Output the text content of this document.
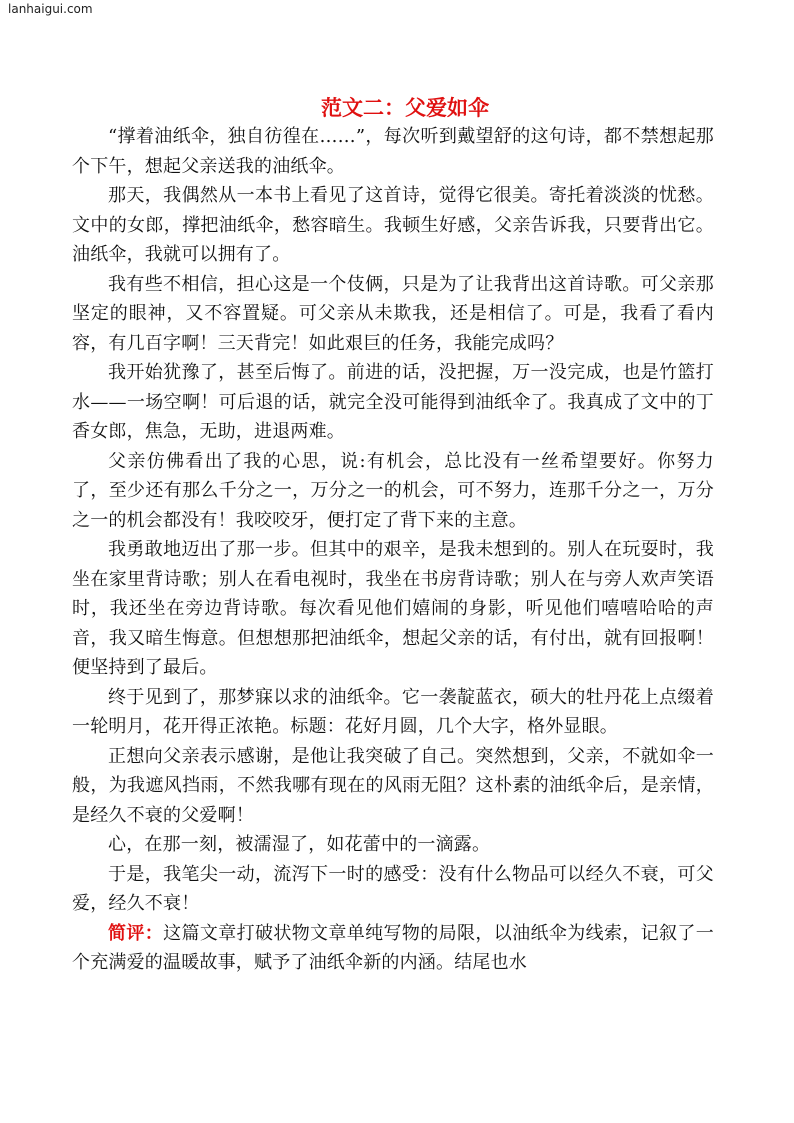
lanhaigui.com
范文二：父爱如伞

“撑着油纸伞，独自彷徨在……”，每次听到戴望舒的这句诗，都不禁想起那个下午，想起父亲送我的油纸伞。

那天，我偶然从一本书上看见了这首诗，觉得它很美。寄托着淡淡的忧愁。文中的女郎，撑把油纸伞，愁容暗生。我顿生好感，父亲告诉我，只要背出它。油纸伞，我就可以拥有了。

我有些不相信，担心这是一个伎俩，只是为了让我背出这首诗歌。可父亲那坚定的眼神，又不容置疑。可父亲从未欺我，还是相信了。可是，我看了看内容，有几百字啊！三天背完！如此艰巨的任务，我能完成吗？

我开始犹豫了，甚至后悔了。前进的话，没把握，万一没完成，也是竹篮打水——一场空啊！可后退的话，就完全没可能得到油纸伞了。我真成了文中的丁香女郎，焦急，无助，进退两难。

父亲仿佛看出了我的心思，说:有机会，总比没有一丝希望要好。你努力了，至少还有那么千分之一，万分之一的机会，可不努力，连那千分之一，万分之一的机会都没有！我咬咬牙，便打定了背下来的主意。

我勇敢地迈出了那一步。但其中的艰辛，是我未想到的。别人在玩耍时，我坐在家里背诗歌；别人在看电视时，我坐在书房背诗歌；别人在与旁人欢声笑语时，我还坐在旁边背诗歌。每次看见他们嬉闹的身影，听见他们嘻嘻哈哈的声音，我又暗生悔意。但想想那把油纸伞，想起父亲的话，有付出，就有回报啊！便坚持到了最后。

终于见到了，那梦寐以求的油纸伞。它一袭靛蓝衣，硕大的牡丹花上点缀着一轮明月，花开得正浓艳。标题：花好月圆，几个大字，格外显眼。

正想向父亲表示感谢，是他让我突破了自己。突然想到，父亲，不就如伞一般，为我遮风挡雨，不然我哪有现在的风雨无阻？这朴素的油纸伞后，是亲情，是经久不衰的父爱啊！

心，在那一刻，被濡湿了，如花蕾中的一滴露。

于是，我笔尖一动，流泻下一时的感受：没有什么物品可以经久不衰，可父爱，经久不衰！

简评：这篇文章打破状物文章单纯写物的局限，以油纸伞为线索，记叙了一个充满爱的温暖故事，赋予了油纸伞新的内涵。结尾也水
